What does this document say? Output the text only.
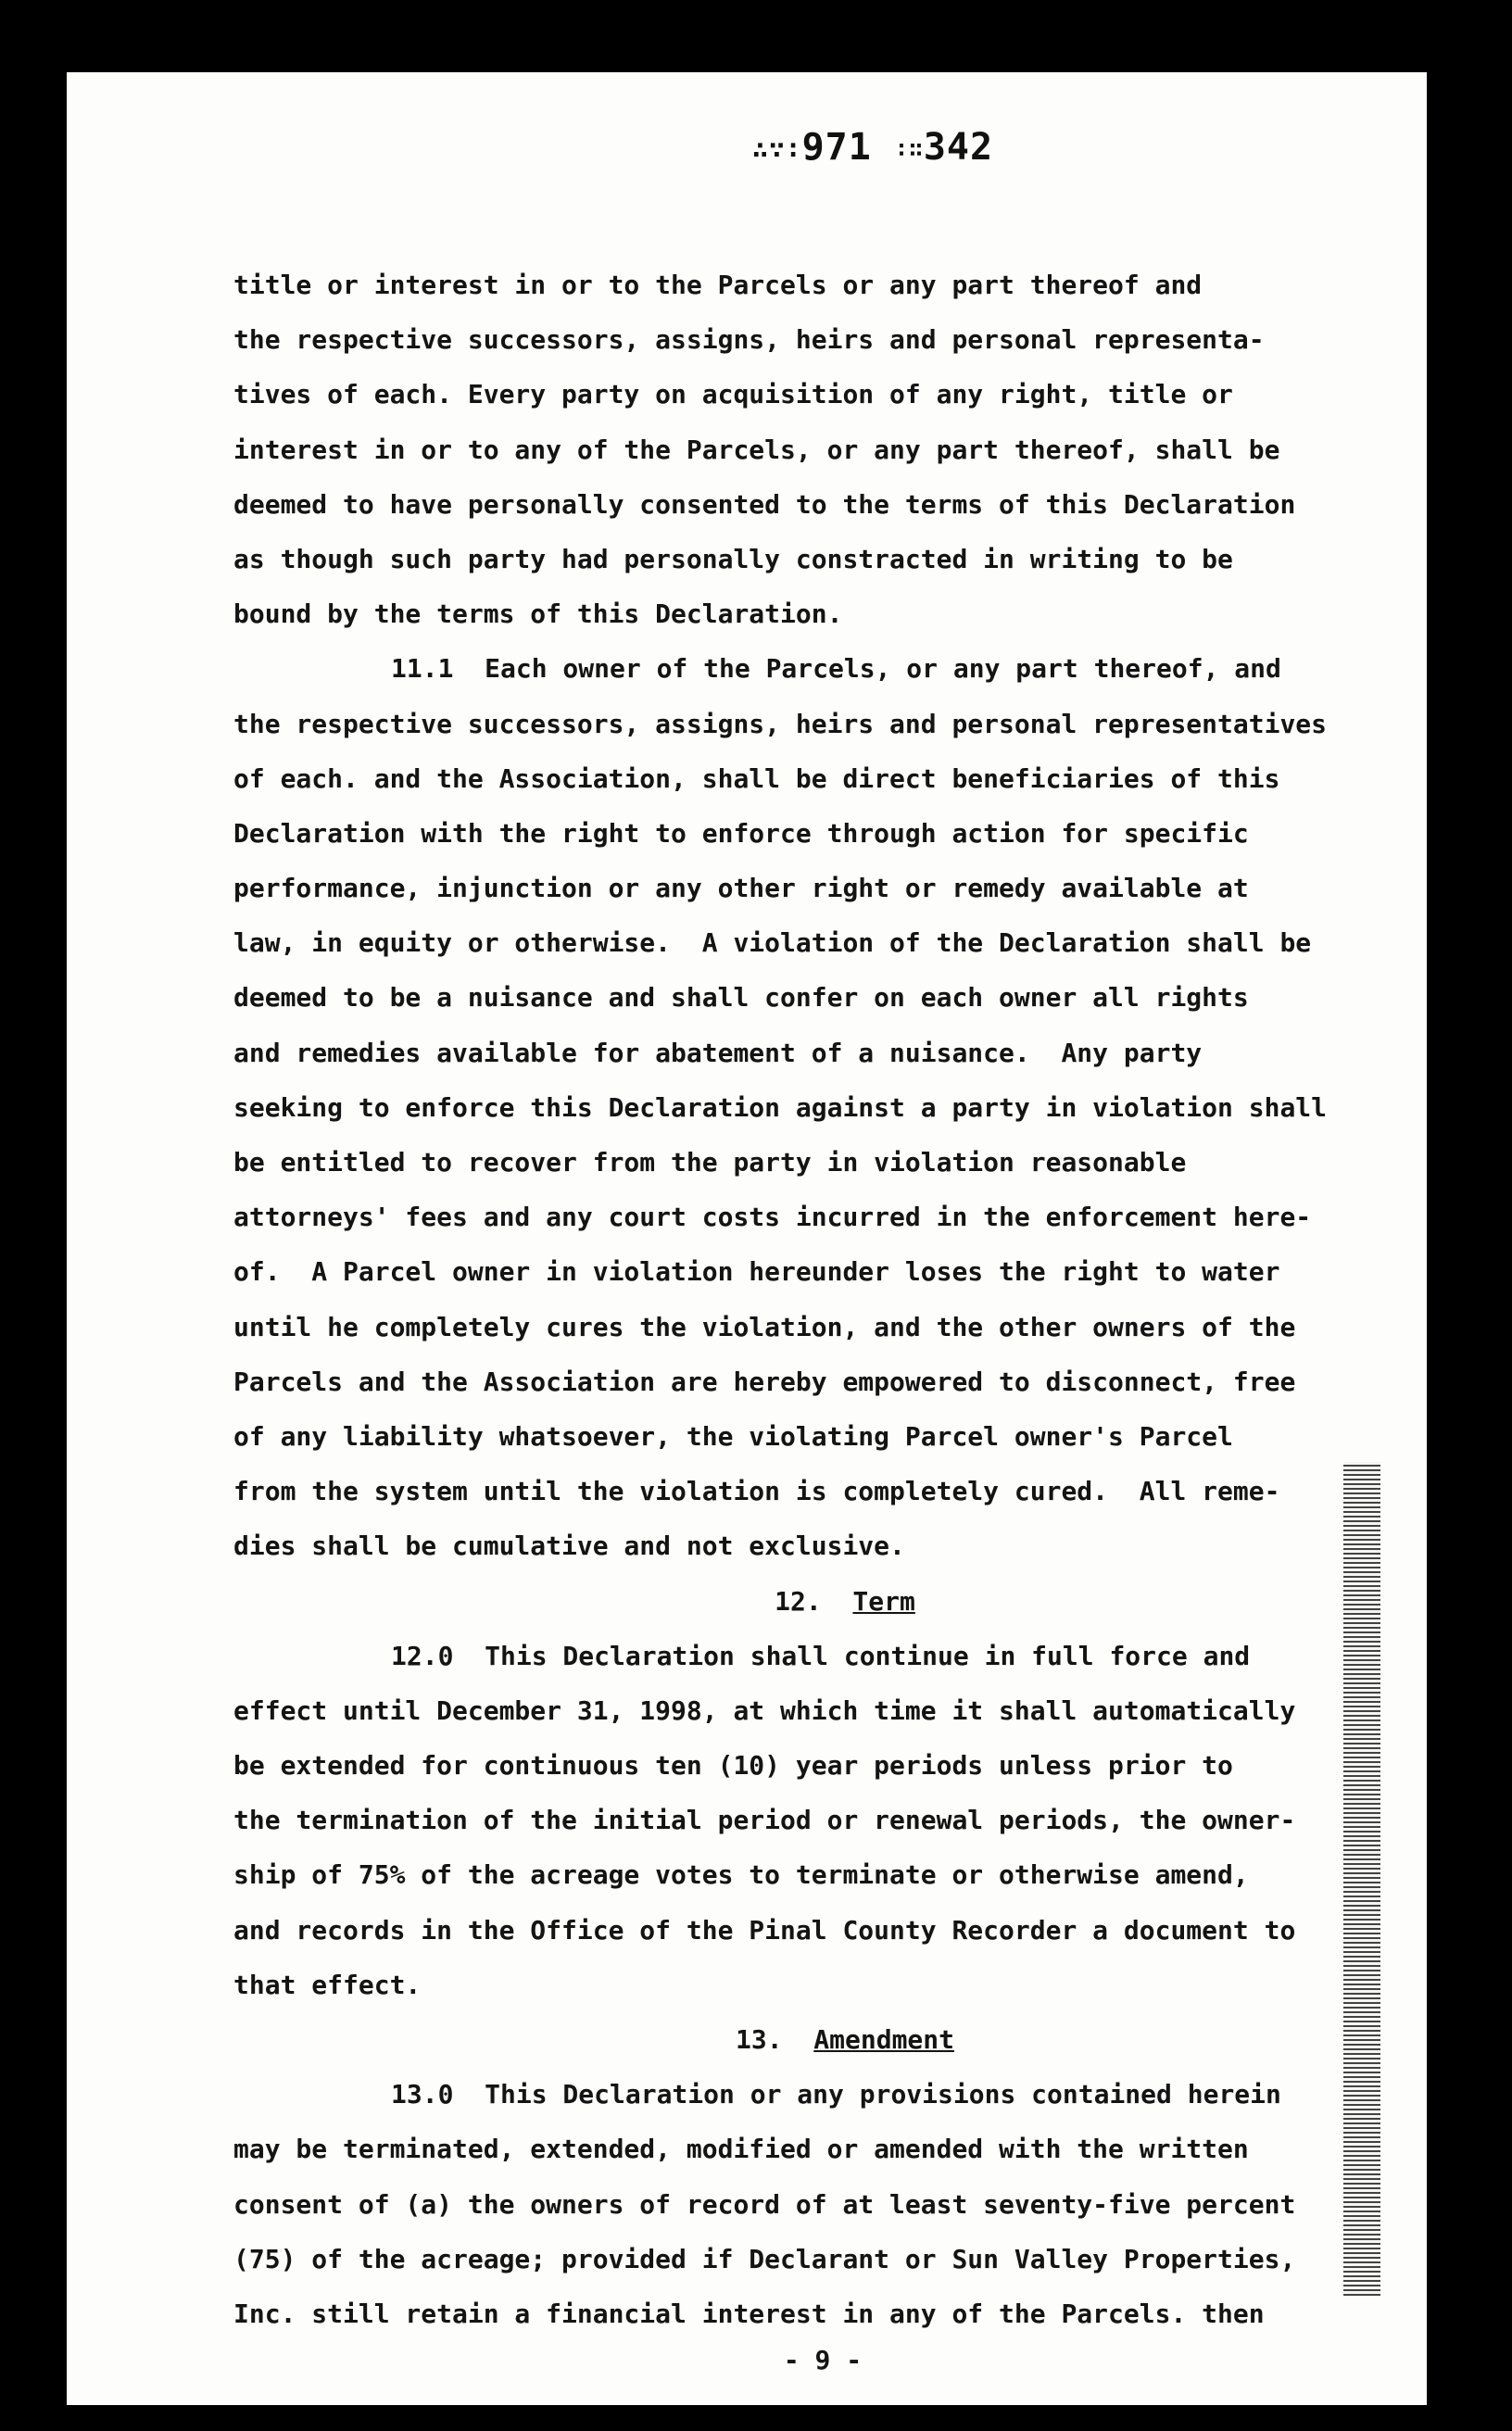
∴∵∶971 ∶∷342
title or interest in or to the Parcels or any part thereof and
the respective successors, assigns, heirs and personal representa-
tives of each. Every party on acquisition of any right, title or
interest in or to any of the Parcels, or any part thereof, shall be
deemed to have personally consented to the terms of this Declaration
as though such party had personally constracted in writing to be
bound by the terms of this Declaration.
11.1  Each owner of the Parcels, or any part thereof, and
the respective successors, assigns, heirs and personal representatives
of each. and the Association, shall be direct beneficiaries of this
Declaration with the right to enforce through action for specific
performance, injunction or any other right or remedy available at
law, in equity or otherwise.  A violation of the Declaration shall be
deemed to be a nuisance and shall confer on each owner all rights
and remedies available for abatement of a nuisance.  Any party
seeking to enforce this Declaration against a party in violation shall
be entitled to recover from the party in violation reasonable
attorneys' fees and any court costs incurred in the enforcement here-
of.  A Parcel owner in violation hereunder loses the right to water
until he completely cures the violation, and the other owners of the
Parcels and the Association are hereby empowered to disconnect, free
of any liability whatsoever, the violating Parcel owner's Parcel
from the system until the violation is completely cured.  All reme-
dies shall be cumulative and not exclusive.
12. Term
12.0  This Declaration shall continue in full force and
effect until December 31, 1998, at which time it shall automatically
be extended for continuous ten (10) year periods unless prior to
the termination of the initial period or renewal periods, the owner-
ship of 75% of the acreage votes to terminate or otherwise amend,
and records in the Office of the Pinal County Recorder a document to
that effect.
13. Amendment
13.0  This Declaration or any provisions contained herein
may be terminated, extended, modified or amended with the written
consent of (a) the owners of record of at least seventy-five percent
(75) of the acreage; provided if Declarant or Sun Valley Properties,
Inc. still retain a financial interest in any of the Parcels. then
- 9 -
